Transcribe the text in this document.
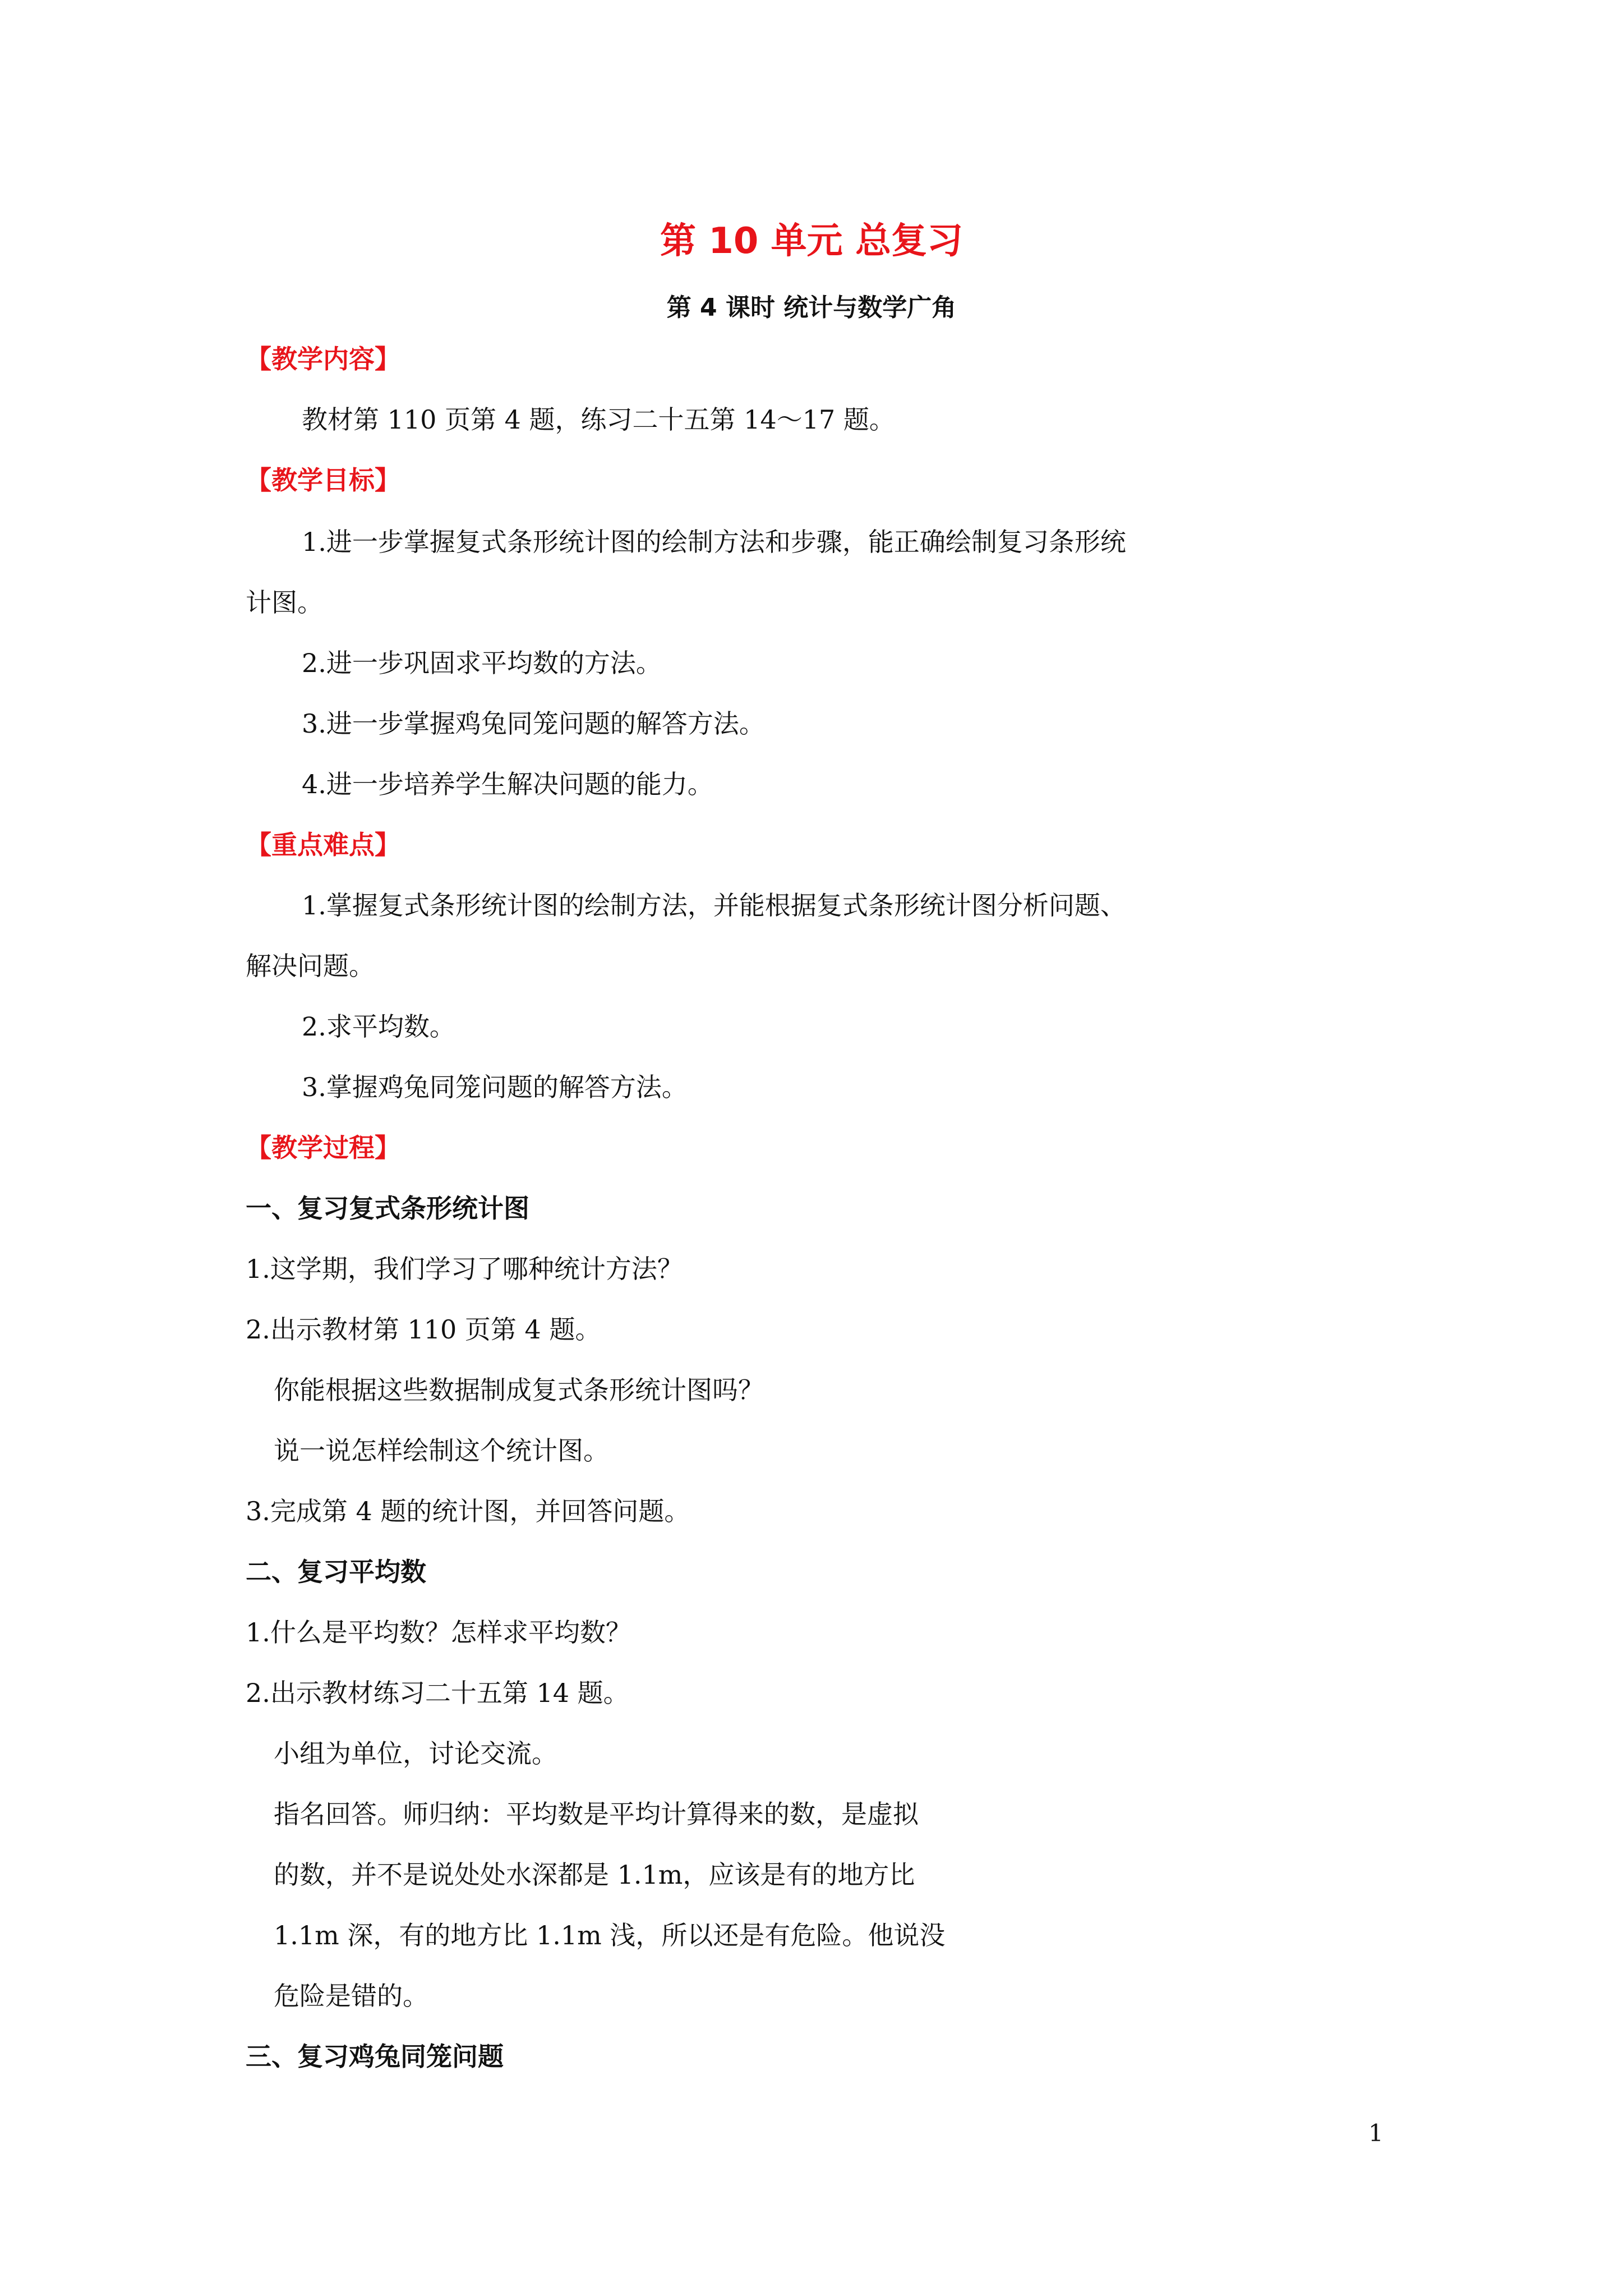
第 10 单元 总复习
第 4 课时 统计与数学广角
【教学内容】
教材第 110 页第 4 题，练习二十五第 14～17 题。
【教学目标】
1.进一步掌握复式条形统计图的绘制方法和步骤，能正确绘制复习条形统
计图。
2.进一步巩固求平均数的方法。
3.进一步掌握鸡兔同笼问题的解答方法。
4.进一步培养学生解决问题的能力。
【重点难点】
1.掌握复式条形统计图的绘制方法，并能根据复式条形统计图分析问题、
解决问题。
2.求平均数。
3.掌握鸡兔同笼问题的解答方法。
【教学过程】
一、复习复式条形统计图
1.这学期，我们学习了哪种统计方法？
2.出示教材第 110 页第 4 题。
你能根据这些数据制成复式条形统计图吗？
说一说怎样绘制这个统计图。
3.完成第 4 题的统计图，并回答问题。
二、复习平均数
1.什么是平均数？怎样求平均数？
2.出示教材练习二十五第 14 题。
小组为单位，讨论交流。
指名回答。师归纳：平均数是平均计算得来的数，是虚拟
的数，并不是说处处水深都是 1.1m，应该是有的地方比
1.1m 深，有的地方比 1.1m 浅，所以还是有危险。他说没
危险是错的。
三、复习鸡兔同笼问题
1
